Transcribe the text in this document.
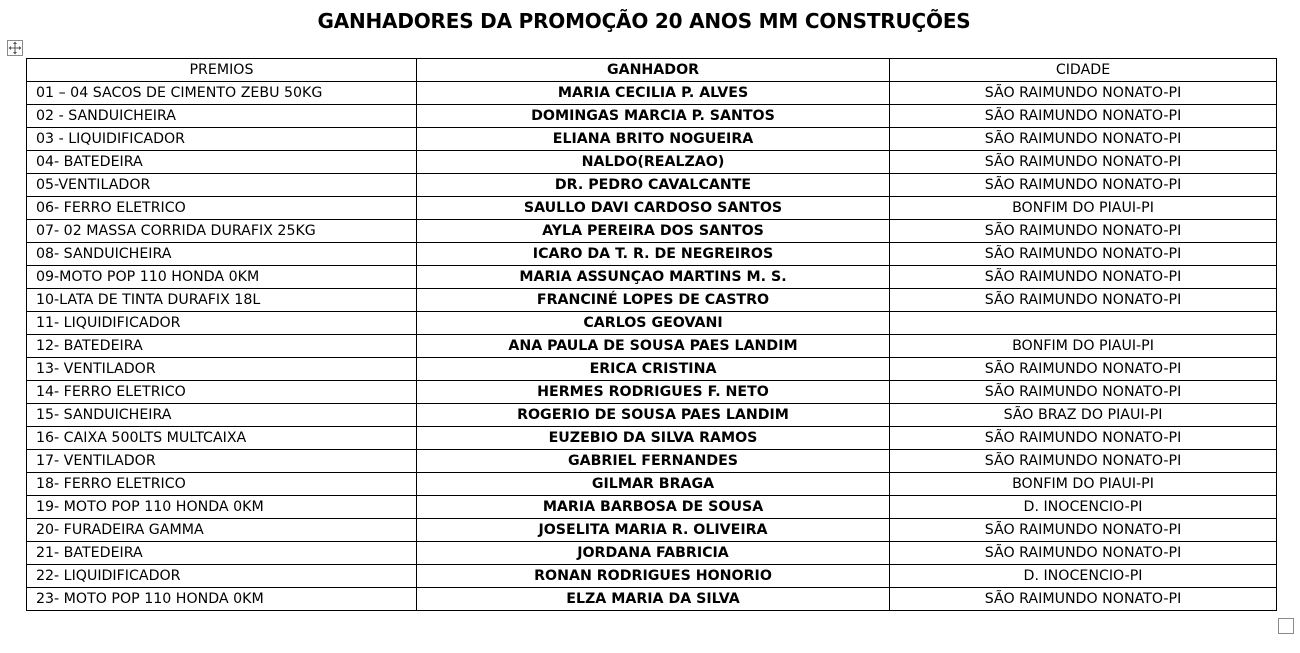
GANHADORES DA PROMOÇÃO 20 ANOS MM CONSTRUÇÕES
PREMIOS	GANHADOR	CIDADE
01 – 04 SACOS DE CIMENTO ZEBU 50KG	MARIA CECILIA P. ALVES	SÃO RAIMUNDO NONATO-PI
02 - SANDUICHEIRA	DOMINGAS MARCIA P. SANTOS	SÃO RAIMUNDO NONATO-PI
03 - LIQUIDIFICADOR	ELIANA BRITO NOGUEIRA	SÃO RAIMUNDO NONATO-PI
04- BATEDEIRA	NALDO(REALZAO)	SÃO RAIMUNDO NONATO-PI
05-VENTILADOR	DR. PEDRO CAVALCANTE	SÃO RAIMUNDO NONATO-PI
06- FERRO ELETRICO	SAULLO DAVI CARDOSO SANTOS	BONFIM DO PIAUI-PI
07- 02 MASSA CORRIDA DURAFIX 25KG	AYLA PEREIRA DOS SANTOS	SÃO RAIMUNDO NONATO-PI
08- SANDUICHEIRA	ICARO DA T. R. DE NEGREIROS	SÃO RAIMUNDO NONATO-PI
09-MOTO POP 110 HONDA 0KM	MARIA ASSUNÇAO MARTINS M. S.	SÃO RAIMUNDO NONATO-PI
10-LATA DE TINTA DURAFIX 18L	FRANCINÉ LOPES DE CASTRO	SÃO RAIMUNDO NONATO-PI
11- LIQUIDIFICADOR	CARLOS GEOVANI	
12- BATEDEIRA	ANA PAULA DE SOUSA PAES LANDIM	BONFIM DO PIAUI-PI
13- VENTILADOR	ERICA CRISTINA	SÃO RAIMUNDO NONATO-PI
14- FERRO ELETRICO	HERMES RODRIGUES F. NETO	SÃO RAIMUNDO NONATO-PI
15- SANDUICHEIRA	ROGERIO DE SOUSA PAES LANDIM	SÃO BRAZ DO PIAUI-PI
16- CAIXA 500LTS MULTCAIXA	EUZEBIO DA SILVA RAMOS	SÃO RAIMUNDO NONATO-PI
17- VENTILADOR	GABRIEL FERNANDES	SÃO RAIMUNDO NONATO-PI
18- FERRO ELETRICO	GILMAR BRAGA	BONFIM DO PIAUI-PI
19- MOTO POP 110 HONDA 0KM	MARIA BARBOSA DE SOUSA	D. INOCENCIO-PI
20- FURADEIRA GAMMA	JOSELITA MARIA R. OLIVEIRA	SÃO RAIMUNDO NONATO-PI
21- BATEDEIRA	JORDANA FABRICIA	SÃO RAIMUNDO NONATO-PI
22- LIQUIDIFICADOR	RONAN RODRIGUES HONORIO	D. INOCENCIO-PI
23- MOTO POP 110 HONDA 0KM	ELZA MARIA DA SILVA	SÃO RAIMUNDO NONATO-PI
